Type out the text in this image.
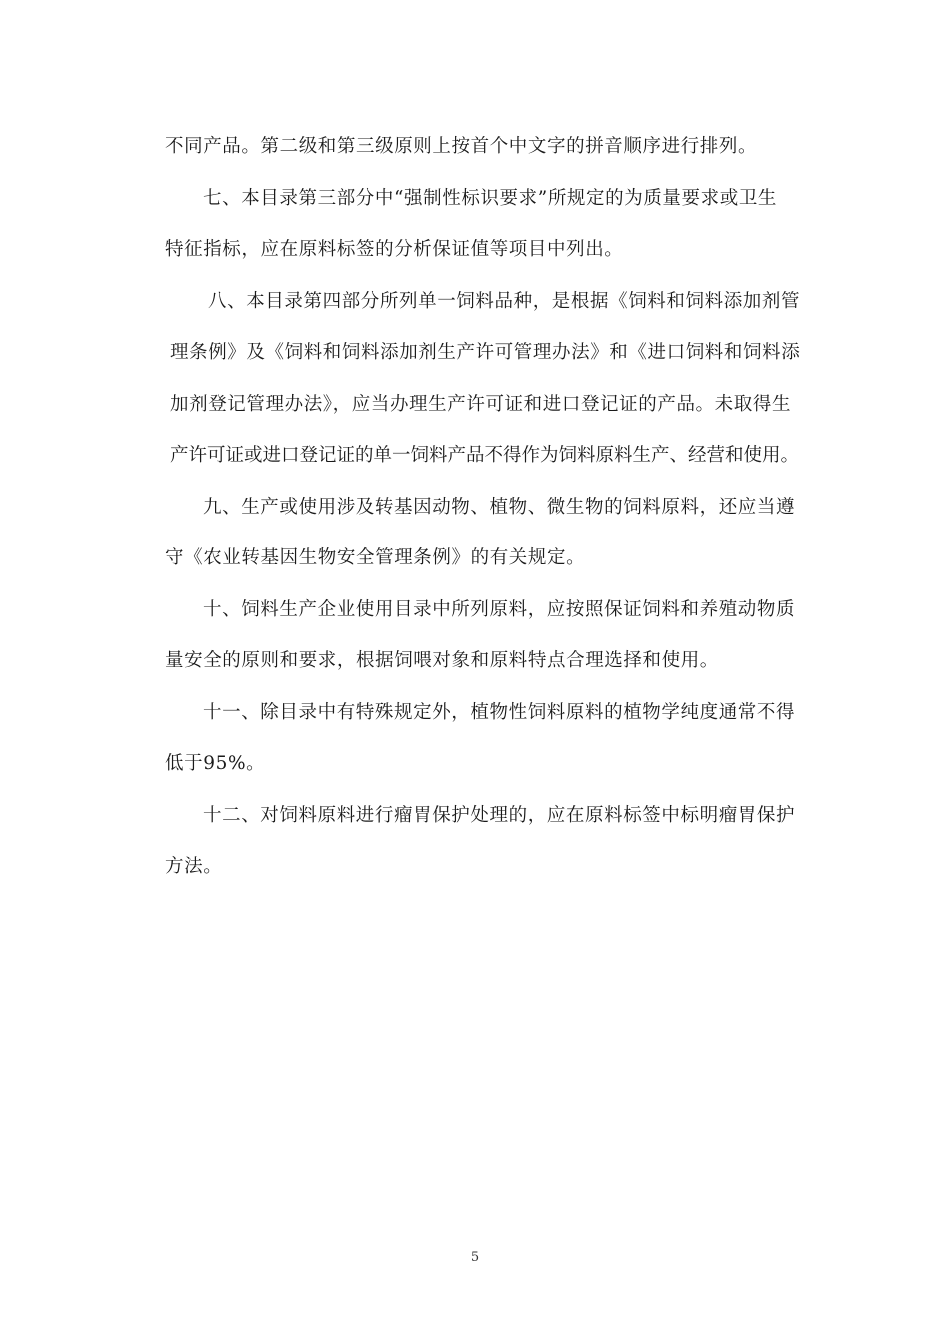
不同产品。第二级和第三级原则上按首个中文字的拼音顺序进行排列。
七、本目录第三部分中“强制性标识要求”所规定的为质量要求或卫生
特征指标，应在原料标签的分析保证值等项目中列出。
八、本目录第四部分所列单一饲料品种，是根据《饲料和饲料添加剂管
理条例》及《饲料和饲料添加剂生产许可管理办法》和《进口饲料和饲料添
加剂登记管理办法》，应当办理生产许可证和进口登记证的产品。未取得生
产许可证或进口登记证的单一饲料产品不得作为饲料原料生产、经营和使用。
九、生产或使用涉及转基因动物、植物、微生物的饲料原料，还应当遵
守《农业转基因生物安全管理条例》的有关规定。
十、饲料生产企业使用目录中所列原料，应按照保证饲料和养殖动物质
量安全的原则和要求，根据饲喂对象和原料特点合理选择和使用。
十一、除目录中有特殊规定外，植物性饲料原料的植物学纯度通常不得
低于95%。
十二、对饲料原料进行瘤胃保护处理的，应在原料标签中标明瘤胃保护
方法。
5
